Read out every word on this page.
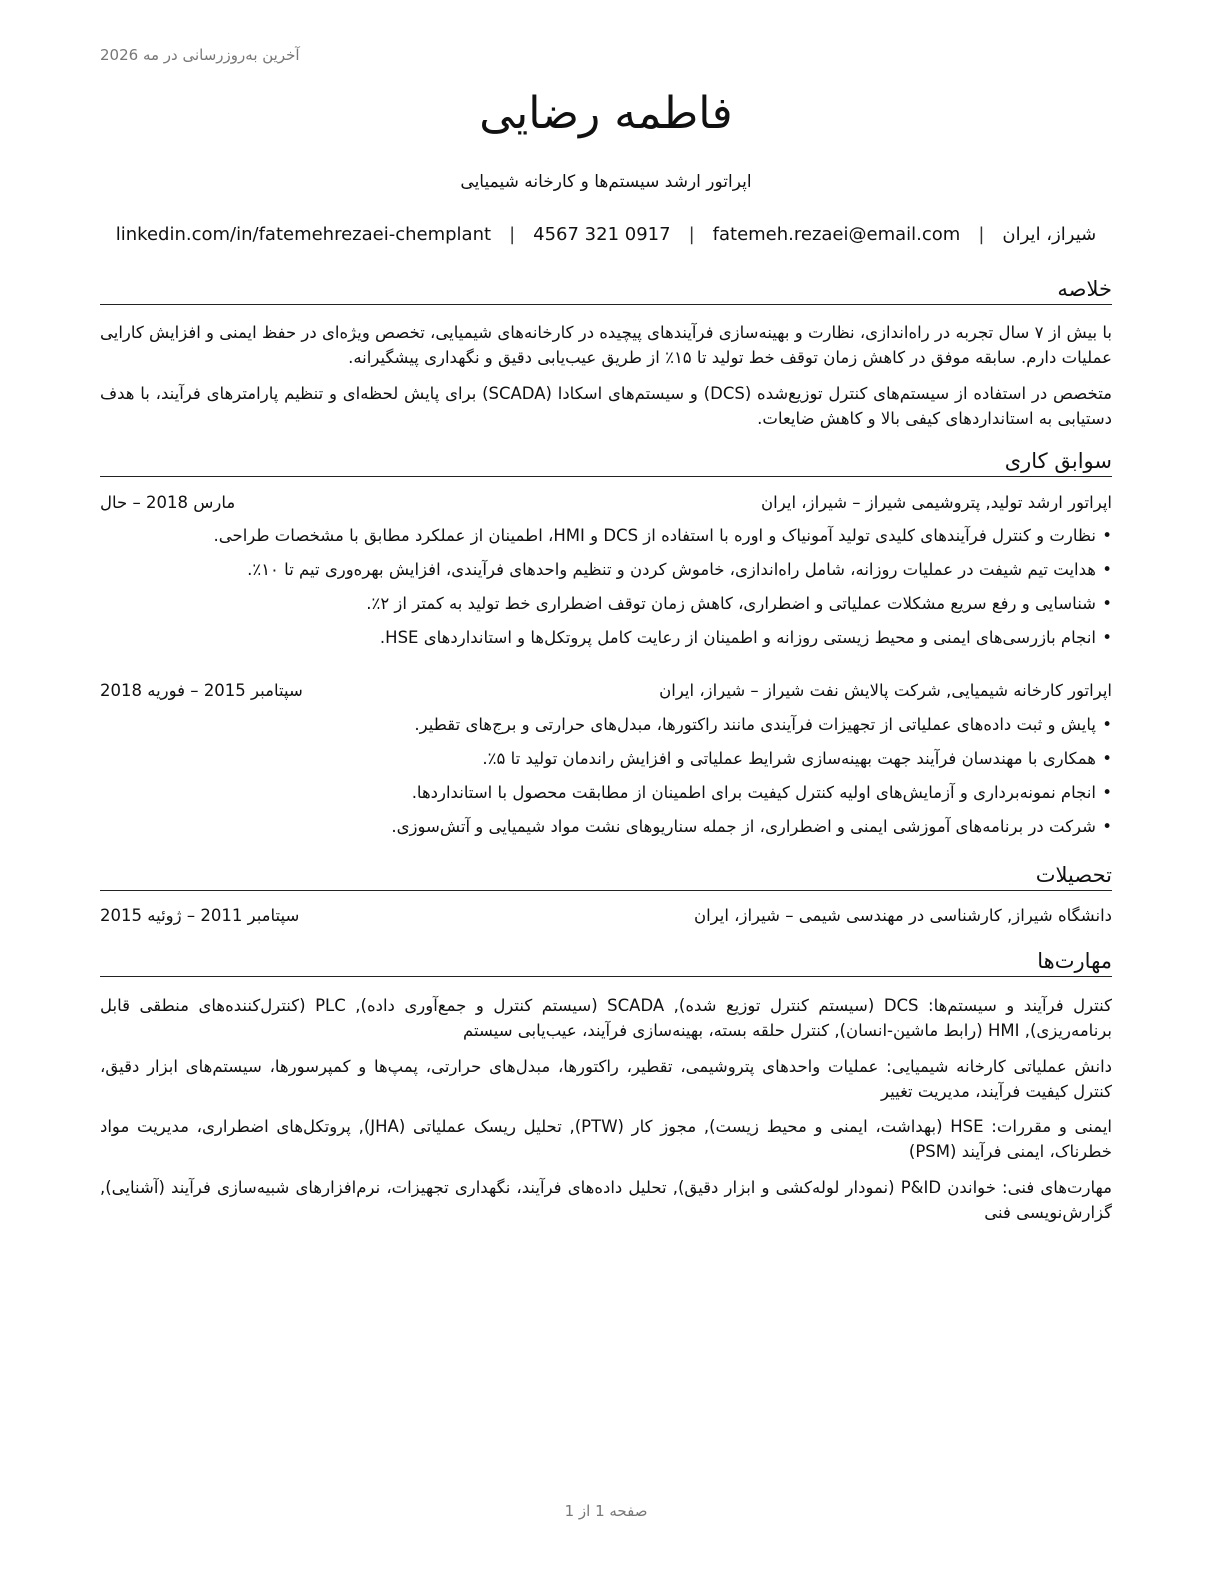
آخرین به‌روزرسانی در مه 2026
فاطمه رضایی
اپراتور ارشد سیستم‌ها و کارخانه شیمیایی
شیراز، ایران
|
fatemeh.rezaei@email.com
|
4567 321 0917
|
linkedin.com/in/fatemehrezaei-chemplant
خلاصه
با بیش از ۷ سال تجربه در راه‌اندازی، نظارت و بهینه‌سازی فرآیندهای پیچیده در کارخانه‌های شیمیایی، تخصص ویژه‌ای در حفظ ایمنی و افزایش کارایی عملیات دارم. سابقه موفق در کاهش زمان توقف خط تولید تا ۱۵٪ از طریق عیب‌یابی دقیق و نگهداری پیشگیرانه.
متخصص در استفاده از سیستم‌های کنترل توزیع‌شده (DCS) و سیستم‌های اسکادا (SCADA) برای پایش لحظه‌ای و تنظیم پارامترهای فرآیند، با هدف دستیابی به استانداردهای کیفی بالا و کاهش ضایعات.
سوابق کاری
اپراتور ارشد تولید, پتروشیمی شیراز – شیراز، ایران
مارس 2018 – حال
• نظارت و کنترل فرآیندهای کلیدی تولید آمونیاک و اوره با استفاده از DCS و HMI، اطمینان از عملکرد مطابق با مشخصات طراحی.
• هدایت تیم شیفت در عملیات روزانه، شامل راه‌اندازی، خاموش کردن و تنظیم واحدهای فرآیندی، افزایش بهره‌وری تیم تا ۱۰٪.
• شناسایی و رفع سریع مشکلات عملیاتی و اضطراری، کاهش زمان توقف اضطراری خط تولید به کمتر از ۲٪.
• انجام بازرسی‌های ایمنی و محیط زیستی روزانه و اطمینان از رعایت کامل پروتکل‌ها و استانداردهای HSE.
اپراتور کارخانه شیمیایی, شرکت پالایش نفت شیراز – شیراز، ایران
سپتامبر 2015 – فوریه 2018
• پایش و ثبت داده‌های عملیاتی از تجهیزات فرآیندی مانند راکتورها، مبدل‌های حرارتی و برج‌های تقطیر.
• همکاری با مهندسان فرآیند جهت بهینه‌سازی شرایط عملیاتی و افزایش راندمان تولید تا ۵٪.
• انجام نمونه‌برداری و آزمایش‌های اولیه کنترل کیفیت برای اطمینان از مطابقت محصول با استانداردها.
• شرکت در برنامه‌های آموزشی ایمنی و اضطراری، از جمله سناریوهای نشت مواد شیمیایی و آتش‌سوزی.
تحصیلات
دانشگاه شیراز, کارشناسی در مهندسی شیمی – شیراز، ایران
سپتامبر 2011 – ژوئیه 2015
مهارت‌ها
کنترل فرآیند و سیستم‌ها: DCS (سیستم کنترل توزیع شده), SCADA (سیستم کنترل و جمع‌آوری داده), PLC (کنترل‌کننده‌های منطقی قابل برنامه‌ریزی), HMI (رابط ماشین-انسان), کنترل حلقه بسته، بهینه‌سازی فرآیند، عیب‌یابی سیستم
دانش عملیاتی کارخانه شیمیایی: عملیات واحدهای پتروشیمی، تقطیر، راکتورها، مبدل‌های حرارتی، پمپ‌ها و کمپرسورها، سیستم‌های ابزار دقیق، کنترل کیفیت فرآیند، مدیریت تغییر
ایمنی و مقررات: HSE (بهداشت، ایمنی و محیط زیست), مجوز کار (PTW), تحلیل ریسک عملیاتی (JHA), پروتکل‌های اضطراری، مدیریت مواد خطرناک، ایمنی فرآیند (PSM)
مهارت‌های فنی: خواندن P&ID (نمودار لوله‌کشی و ابزار دقیق), تحلیل داده‌های فرآیند، نگهداری تجهیزات، نرم‌افزارهای شبیه‌سازی فرآیند (آشنایی), گزارش‌نویسی فنی
صفحه 1 از 1
